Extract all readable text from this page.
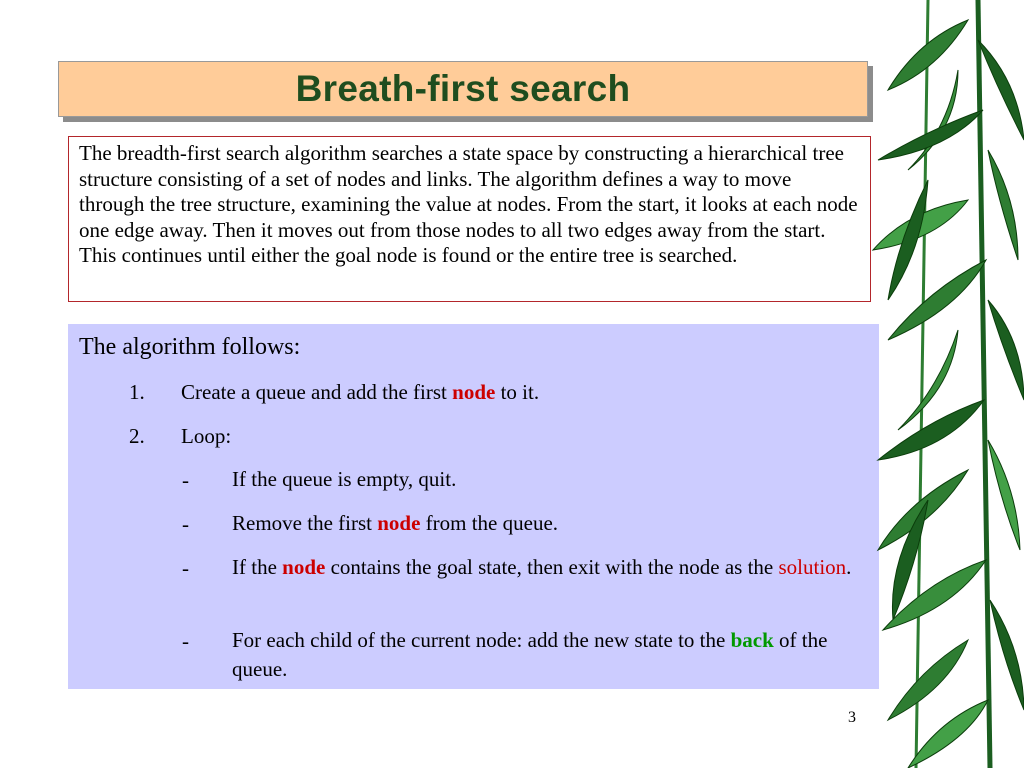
Breath-first search

The breadth-first search algorithm searches a state space by constructing a hierarchical tree structure consisting of a set of nodes and links. The algorithm defines a way to move through the tree structure, examining the value at nodes. From the start, it looks at each node one edge away. Then it moves out from those nodes to all two edges away from the start. This continues until either the goal node is found or the entire tree is searched.

The algorithm follows:
1. Create a queue and add the first node to it.
2. Loop:
- If the queue is empty, quit.
- Remove the first node from the queue.
- If the node contains the goal state, then exit with the node as the solution.
- For each child of the current node: add the new state to the back of the queue.
3
